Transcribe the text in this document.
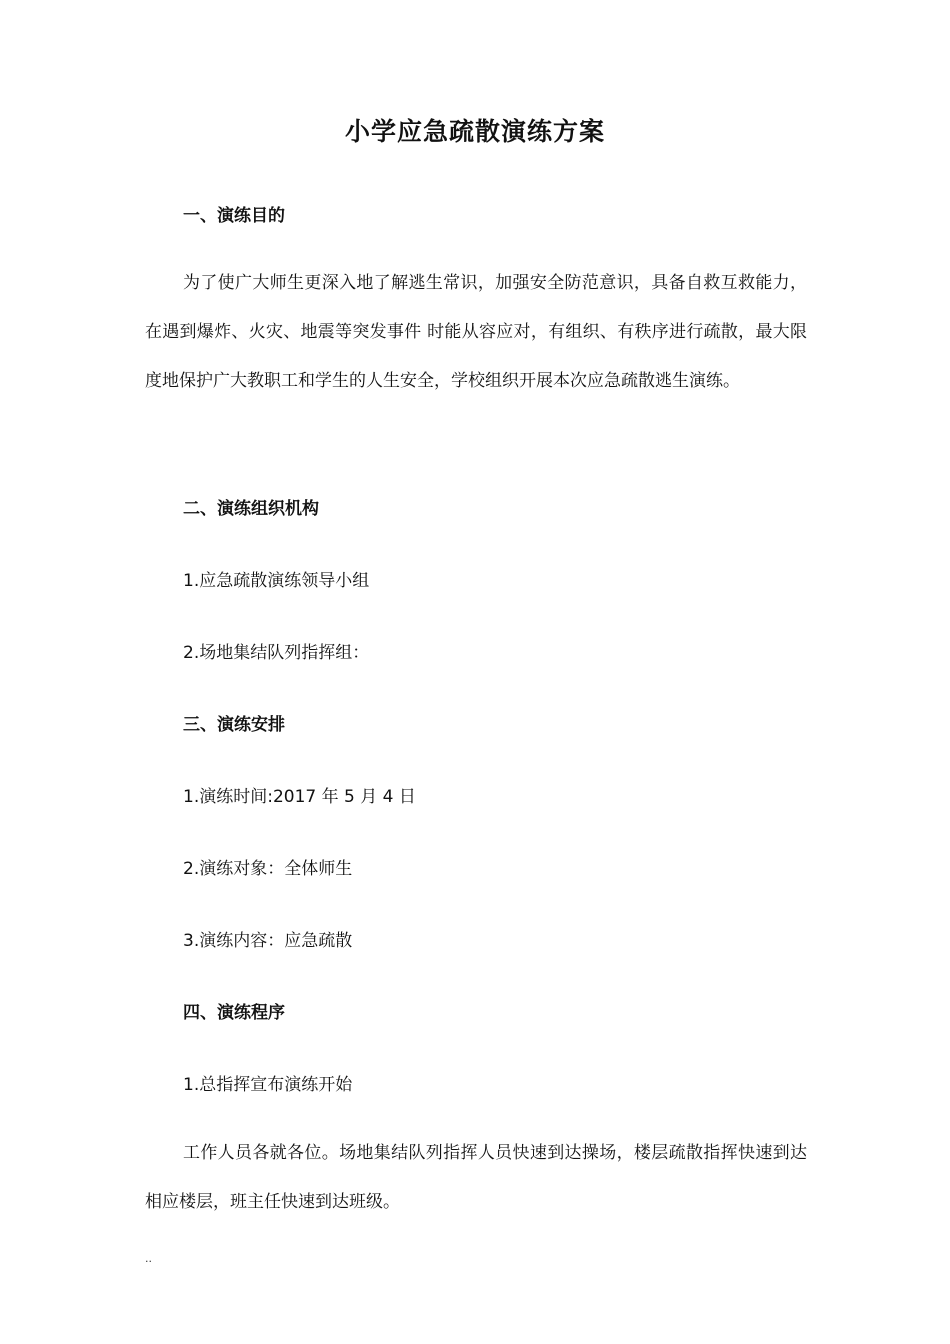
小学应急疏散演练方案
一、演练目的
为了使广大师生更深入地了解逃生常识，加强安全防范意识，具备自救互救能力，在遇到爆炸、火灾、地震等突发事件 时能从容应对，有组织、有秩序进行疏散，最大限度地保护广大教职工和学生的人生安全，学校组织开展本次应急疏散逃生演练。
二、演练组织机构
1.应急疏散演练领导小组
2.场地集结队列指挥组：
三、演练安排
1.演练时间:2017 年 5 月 4 日
2.演练对象：全体师生
3.演练内容：应急疏散
四、演练程序
1.总指挥宣布演练开始
工作人员各就各位。场地集结队列指挥人员快速到达操场，楼层疏散指挥快速到达相应楼层，班主任快速到达班级。
..
